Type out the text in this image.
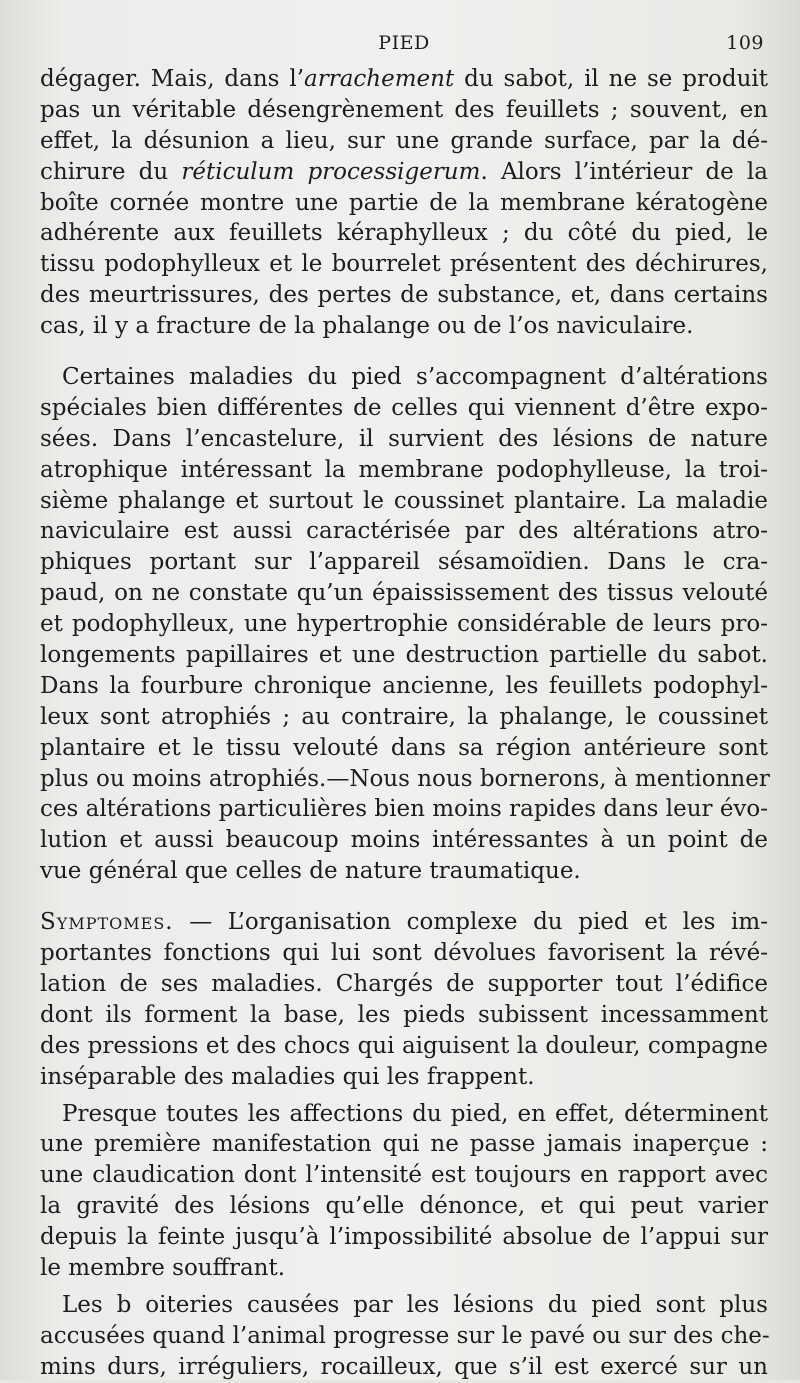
PIED	109
dégager. Mais, dans l’arrachement du sabot, il ne se produit
pas un véritable désengrènement des feuillets ; souvent, en
effet, la désunion a lieu, sur une grande surface, par la dé-
chirure du réticulum processigerum. Alors l’intérieur de la
boîte cornée montre une partie de la membrane kératogène
adhérente aux feuillets kéraphylleux ; du côté du pied, le
tissu podophylleux et le bourrelet présentent des déchirures,
des meurtrissures, des pertes de substance, et, dans certains
cas, il y a fracture de la phalange ou de l’os naviculaire.
Certaines maladies du pied s’accompagnent d’altérations
spéciales bien différentes de celles qui viennent d’être expo-
sées. Dans l’encastelure, il survient des lésions de nature
atrophique intéressant la membrane podophylleuse, la troi-
sième phalange et surtout le coussinet plantaire. La maladie
naviculaire est aussi caractérisée par des altérations atro-
phiques portant sur l’appareil sésamoïdien. Dans le cra-
paud, on ne constate qu’un épaississement des tissus velouté
et podophylleux, une hypertrophie considérable de leurs pro-
longements papillaires et une destruction partielle du sabot.
Dans la fourbure chronique ancienne, les feuillets podophyl-
leux sont atrophiés ; au contraire, la phalange, le coussinet
plantaire et le tissu velouté dans sa région antérieure sont
plus ou moins atrophiés.—Nous nous bornerons, à mentionner
ces altérations particulières bien moins rapides dans leur évo-
lution et aussi beaucoup moins intéressantes à un point de
vue général que celles de nature traumatique.
Symptomes. — L’organisation complexe du pied et les im-
portantes fonctions qui lui sont dévolues favorisent la révé-
lation de ses maladies. Chargés de supporter tout l’édifice
dont ils forment la base, les pieds subissent incessamment
des pressions et des chocs qui aiguisent la douleur, compagne
inséparable des maladies qui les frappent.
Presque toutes les affections du pied, en effet, déterminent
une première manifestation qui ne passe jamais inaperçue :
une claudication dont l’intensité est toujours en rapport avec
la gravité des lésions qu’elle dénonce, et qui peut varier
depuis la feinte jusqu’à l’impossibilité absolue de l’appui sur
le membre souffrant.
Les b oiteries causées par les lésions du pied sont plus
accusées quand l’animal progresse sur le pavé ou sur des che-
mins durs, irréguliers, rocailleux, que s’il est exercé sur un
